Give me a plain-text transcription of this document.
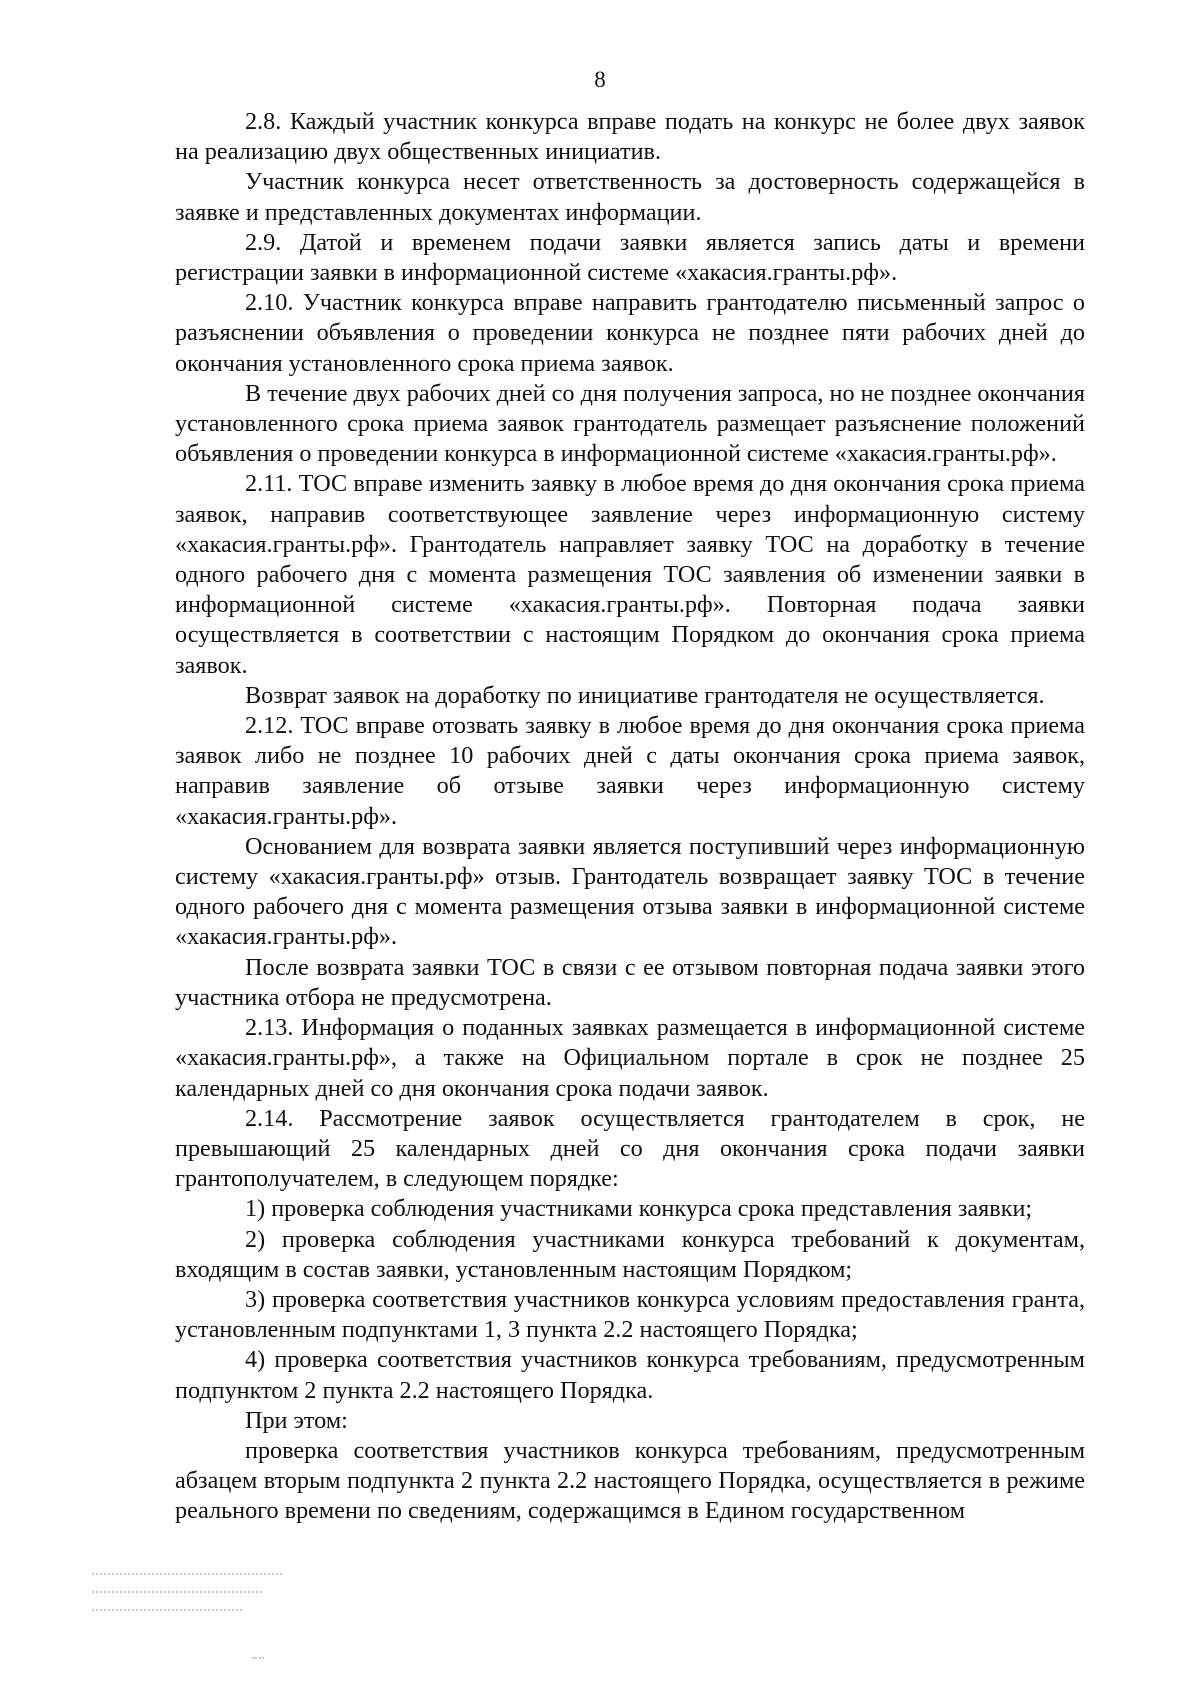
8

2.8. Каждый участник конкурса вправе подать на конкурс не более двух заявок на реализацию двух общественных инициатив.

Участник конкурса несет ответственность за достоверность содержащейся в заявке и представленных документах информации.

2.9. Датой и временем подачи заявки является запись даты и времени регистрации заявки в информационной системе «хакасия.гранты.рф».

2.10. Участник конкурса вправе направить грантодателю письменный запрос о разъяснении объявления о проведении конкурса не позднее пяти рабочих дней до окончания установленного срока приема заявок.

В течение двух рабочих дней со дня получения запроса, но не позднее окончания установленного срока приема заявок грантодатель размещает разъяснение положений объявления о проведении конкурса в информационной системе «хакасия.гранты.рф».

2.11. ТОС вправе изменить заявку в любое время до дня окончания срока приема заявок, направив соответствующее заявление через информационную систему «хакасия.гранты.рф». Грантодатель направляет заявку ТОС на доработку в течение одного рабочего дня с момента размещения ТОС заявления об изменении заявки в информационной системе «хакасия.гранты.рф». Повторная подача заявки осуществляется в соответствии с настоящим Порядком до окончания срока приема заявок.

Возврат заявок на доработку по инициативе грантодателя не осуществляется.

2.12. ТОС вправе отозвать заявку в любое время до дня окончания срока приема заявок либо не позднее 10 рабочих дней с даты окончания срока приема заявок, направив заявление об отзыве заявки через информационную систему «хакасия.гранты.рф».

Основанием для возврата заявки является поступивший через информационную систему «хакасия.гранты.рф» отзыв. Грантодатель возвращает заявку ТОС в течение одного рабочего дня с момента размещения отзыва заявки в информационной системе «хакасия.гранты.рф».

После возврата заявки ТОС в связи с ее отзывом повторная подача заявки этого участника отбора не предусмотрена.

2.13. Информация о поданных заявках размещается в информационной системе «хакасия.гранты.рф», а также на Официальном портале в срок не позднее 25 календарных дней со дня окончания срока подачи заявок.

2.14. Рассмотрение заявок осуществляется грантодателем в срок, не превышающий 25 календарных дней со дня окончания срока подачи заявки грантополучателем, в следующем порядке:

1) проверка соблюдения участниками конкурса срока представления заявки;

2) проверка соблюдения участниками конкурса требований к документам, входящим в состав заявки, установленным настоящим Порядком;

3) проверка соответствия участников конкурса условиям предоставления гранта, установленным подпунктами 1, 3 пункта 2.2 настоящего Порядка;

4) проверка соответствия участников конкурса требованиям, предусмотренным подпунктом 2 пункта 2.2 настоящего Порядка.

При этом:

проверка соответствия участников конкурса требованиям, предусмотренным абзацем вторым подпункта 2 пункта 2.2 настоящего Порядка, осуществляется в режиме реального времени по сведениям, содержащимся в Едином государственном
